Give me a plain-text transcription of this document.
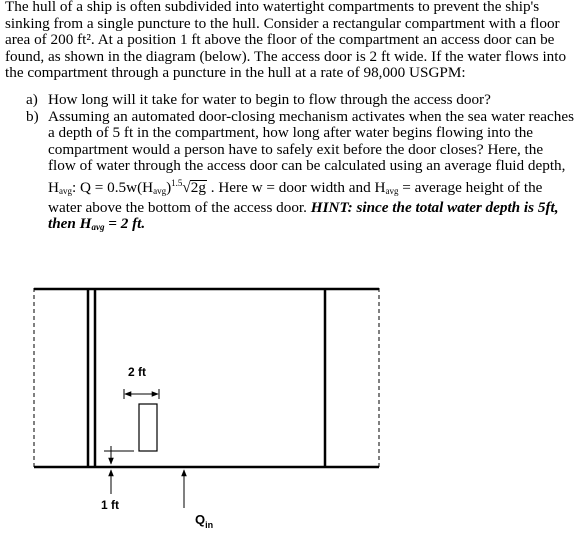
The hull of a ship is often subdivided into watertight compartments to prevent the ship's sinking from a single puncture to the hull. Consider a rectangular compartment with a floor area of 200 ft². At a position 1 ft above the floor of the compartment an access door can be found, as shown in the diagram (below). The access door is 2 ft wide. If the water flows into the compartment through a puncture in the hull at a rate of 98,000 USGPM:
a) How long will it take for water to begin to flow through the access door?
b) Assuming an automated door-closing mechanism activates when the sea water reaches a depth of 5 ft in the compartment, how long after water begins flowing into the compartment would a person have to safely exit before the door closes? Here, the flow of water through the access door can be calculated using an average fluid depth, $H_{avg}$: $Q = 0.5w(H_{avg})^{1.5}√2g$ . Here w = door width and $H_{avg}$ = average height of the water above the bottom of the access door. HINT: since the total water depth is 5ft, then $H_{avg} = 2$ ft.
2 ft
1 ft
$Q_{in}$
